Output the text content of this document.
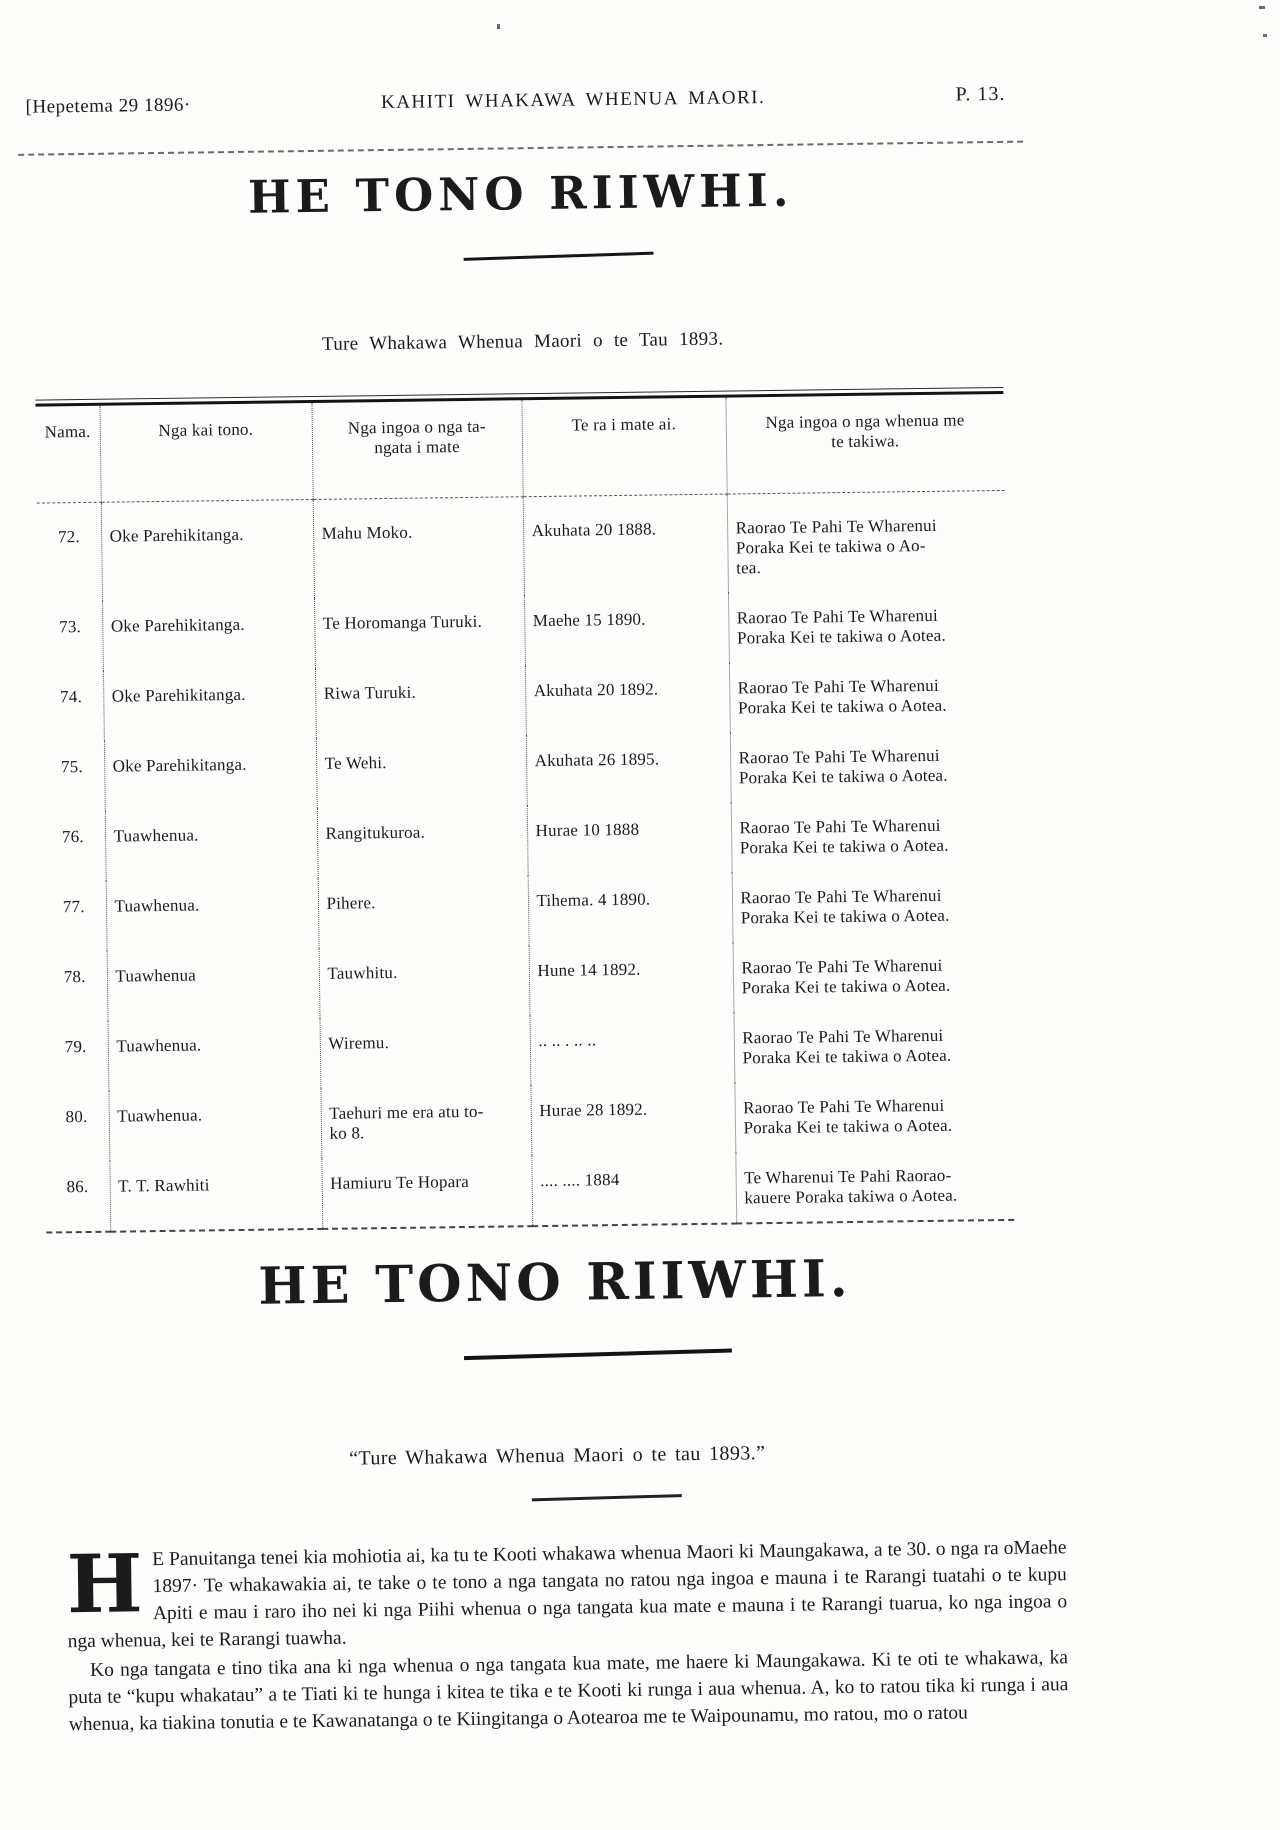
[Hepetema 29 1896·	KAHITI WHAKAWA WHENUA MAORI.	P. 13.
HE TONO RIIWHI.
Ture Whakawa Whenua Maori o te Tau 1893.
Nama.	Nga kai tono.	Nga ingoa o nga ta-
ngata i mate	Te ra i mate ai.	Nga ingoa o nga whenua me
te takiwa.
72.	Oke Parehikitanga.	Mahu Moko.	Akuhata 20 1888.	Raorao Te Pahi Te Wharenui
Poraka Kei te takiwa o Ao-
tea.
73.	Oke Parehikitanga.	Te Horomanga Turuki.	Maehe 15 1890.	Raorao Te Pahi Te Wharenui
Poraka Kei te takiwa o Aotea.
74.	Oke Parehikitanga.	Riwa Turuki.	Akuhata 20 1892.	Raorao Te Pahi Te Wharenui
Poraka Kei te takiwa o Aotea.
75.	Oke Parehikitanga.	Te Wehi.	Akuhata 26 1895.	Raorao Te Pahi Te Wharenui
Poraka Kei te takiwa o Aotea.
76.	Tuawhenua.	Rangitukuroa.	Hurae 10 1888	Raorao Te Pahi Te Wharenui
Poraka Kei te takiwa o Aotea.
77.	Tuawhenua.	Pihere.	Tihema. 4 1890.	Raorao Te Pahi Te Wharenui
Poraka Kei te takiwa o Aotea.
78.	Tuawhenua	Tauwhitu.	Hune 14 1892.	Raorao Te Pahi Te Wharenui
Poraka Kei te takiwa o Aotea.
79.	Tuawhenua.	Wiremu.	.. .. . .. ..	Raorao Te Pahi Te Wharenui
Poraka Kei te takiwa o Aotea.
80.	Tuawhenua.	Taehuri me era atu to-
ko 8.	Hurae 28 1892.	Raorao Te Pahi Te Wharenui
Poraka Kei te takiwa o Aotea.
86.	T. T. Rawhiti	Hamiuru Te Hopara	.... .... 1884	Te Wharenui Te Pahi Raorao-
kauere Poraka takiwa o Aotea.
HE TONO RIIWHI.
“Ture Whakawa Whenua Maori o te tau 1893.”

H E Panuitanga tenei kia mohiotia ai, ka tu te Kooti whakawa whenua Maori ki Maungakawa, a te 30. o nga ra oMaehe 1897· Te whakawakia ai, te take o te tono a nga tangata no ratou nga ingoa e mauna i te Rarangi tuatahi o te kupu Apiti e mau i raro iho nei ki nga Piihi whenua o nga tangata kua mate e mauna i te Rarangi tuarua, ko nga ingoa o nga whenua, kei te Rarangi tuawha.

Ko nga tangata e tino tika ana ki nga whenua o nga tangata kua mate, me haere ki Maungakawa. Ki te oti te whakawa, ka puta te “kupu whakatau” a te Tiati ki te hunga i kitea te tika e te Kooti ki runga i aua whenua. A, ko to ratou tika ki runga i aua whenua, ka tiakina tonutia e te Kawanatanga o te Kiingitanga o Aotearoa me te Waipounamu, mo ratou, mo o ratou
